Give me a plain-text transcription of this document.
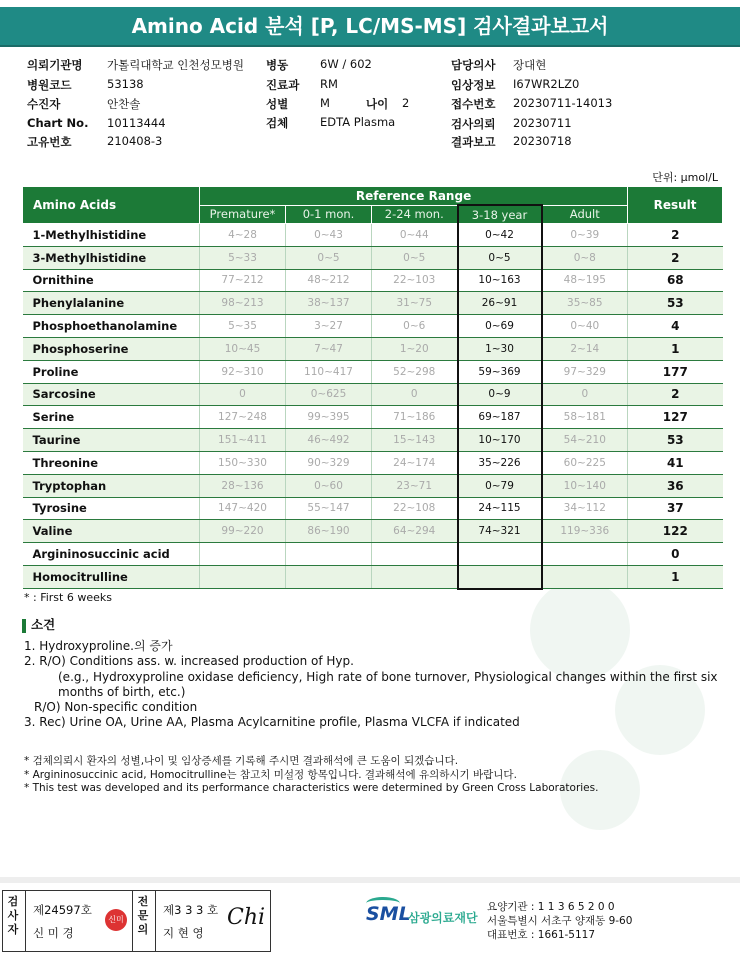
Amino Acid 분석 [P, LC/MS-MS] 검사결과보고서
의뢰기관명 가톨릭대학교 인천성모병원
병원코드	53138
수진자	안찬솔
Chart No. 10113444
고유번호	210408-3
병동	6W / 602
진료과 RM
성별	M	나이 2
검체	EDTA Plasma
담당의사 장대현
임상정보 I67WR2LZ0
접수번호 20230711-14013
검사의뢰 20230711
결과보고 20230718
단위: μmol/L
Amino Acids	Reference Range					Result
	Premature*	0-1 mon.	2-24 mon.	3-18 year	Adult	
1-Methylhistidine	4~28	0~43	0~44	0~42	0~39	2
3-Methylhistidine	5~33	0~5	0~5	0~5	0~8	2
Ornithine	77~212	48~212	22~103	10~163	48~195	68
Phenylalanine	98~213	38~137	31~75	26~91	35~85	53
Phosphoethanolamine	5~35	3~27	0~6	0~69	0~40	4
Phosphoserine	10~45	7~47	1~20	1~30	2~14	1
Proline	92~310	110~417	52~298	59~369	97~329	177
Sarcosine	0	0~625	0	0~9	0	2
Serine	127~248	99~395	71~186	69~187	58~181	127
Taurine	151~411	46~492	15~143	10~170	54~210	53
Threonine	150~330	90~329	24~174	35~226	60~225	41
Tryptophan	28~136	0~60	23~71	0~79	10~140	36
Tyrosine	147~420	55~147	22~108	24~115	34~112	37
Valine	99~220	86~190	64~294	74~321	119~336	122
Argininosuccinic acid						0
Homocitrulline						1
* : First 6 weeks
소견
1. Hydroxyproline.의 증가
2. R/O) Conditions ass. w. increased production of Hyp.
(e.g., Hydroxyproline oxidase deficiency, High rate of bone turnover, Physiological changes within the first six months of birth, etc.)
R/O) Non-specific condition
3. Rec) Urine OA, Urine AA, Plasma Acylcarnitine profile, Plasma VLCFA if indicated
* 검체의뢰시 환자의 성별,나이 및 임상증세를 기록해 주시면 결과해석에 큰 도움이 되겠습니다.
* Argininosuccinic acid, Homocitrulline는 참고치 미설정 항목입니다. 결과해석에 유의하시기 바랍니다.
* This test was developed and its performance characteristics were determined by Green Cross Laboratories.
검사자
제24597호
신 미 경
신미경
전문의
제3 3 3 호
지 현 영
Chi	SML
삼광의료재단
요양기관 : 1 1 3 6 5 2 0 0
서울특별시 서초구 양재동 9-60
대표번호 : 1661-5117
